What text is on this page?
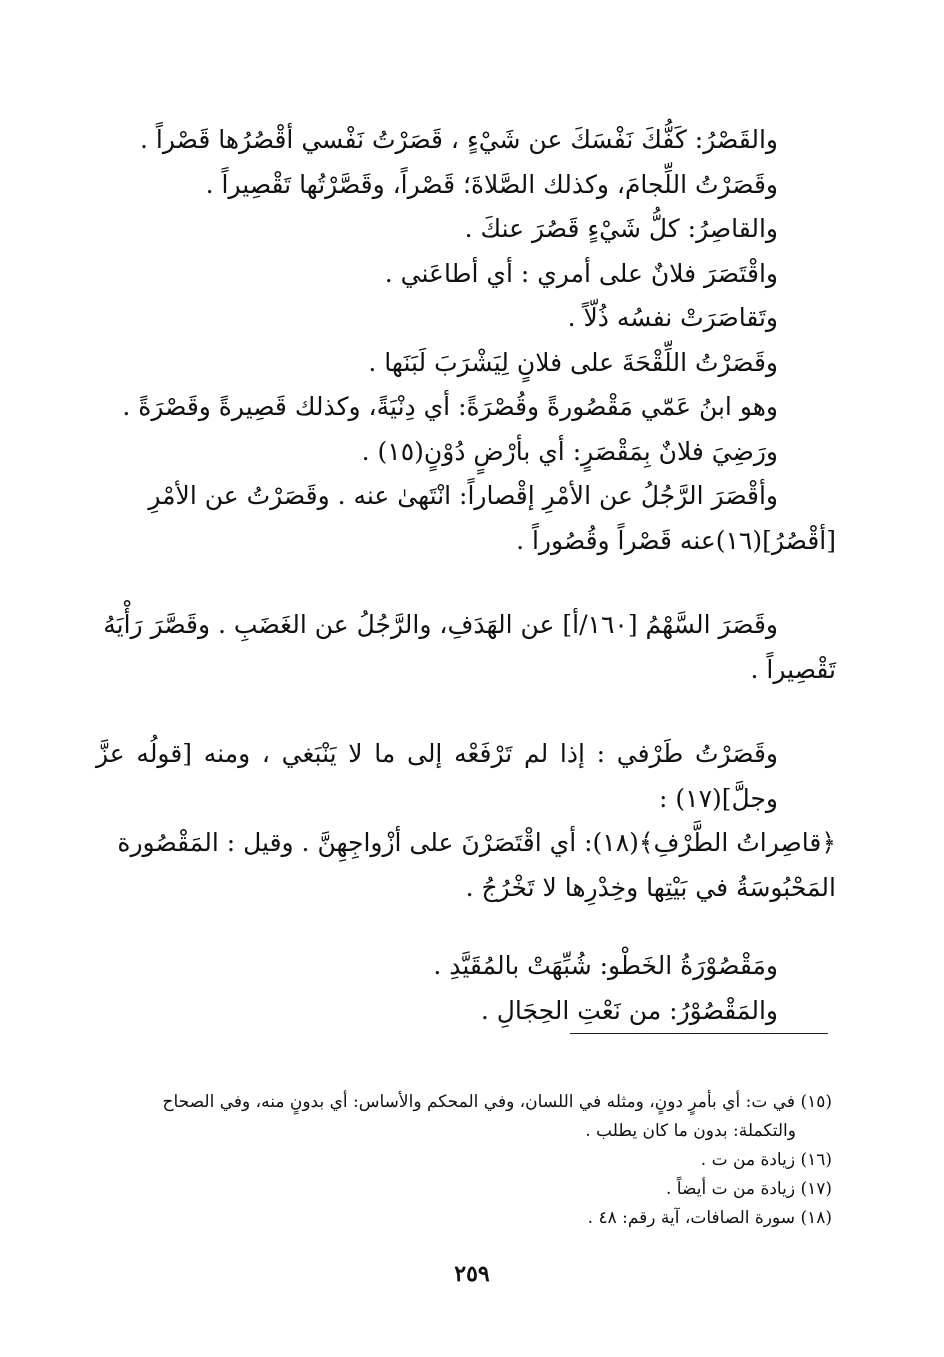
والقَصْرُ: كَفُّكَ نَفْسَكَ عن شَيْءٍ ، قَصَرْتُ نَفْسي أقْصُرُها قَصْراً .

وقَصَرْتُ اللِّجامَ، وكذلك الصَّلاةَ؛ قَصْراً، وقَصَّرْتُها تَقْصِيراً .

والقاصِرُ: كلُّ شَيْءٍ قَصُرَ عنكَ .

واقْتَصَرَ فلانٌ على أمري : أي أطاعَني .

وتَقاصَرَتْ نفسُه ذُلّاً .

وقَصَرْتُ اللِّقْحَةَ على فلانٍ لِيَشْرَبَ لَبَنَها .

وهو ابنُ عَمّي مَقْصُورةً وقُصْرَةً: أي دِنْيَةً، وكذلك قَصِيرةً وقَصْرَةً .

ورَضِيَ فلانٌ بِمَقْصَرٍ: أي بأرْضٍ دُوْنٍ(١٥) .

وأقْصَرَ الرَّجُلُ عن الأمْرِ إقْصاراً: انْتَهىٰ عنه . وقَصَرْتُ عن الأمْرِ

[أقْصُرُ](١٦)عنه قَصْراً وقُصُوراً .

وقَصَرَ السَّهْمُ [١٦٠/أ] عن الهَدَفِ، والرَّجُلُ عن الغَضَبِ . وقَصَّرَ رَأْيَهُ

تَقْصِيراً .

وقَصَرْتُ طَرْفي : إذا لم تَرْفَعْه إلى ما لا يَنْبَغي ، ومنه [قولُه عزَّ وجلَّ](١٧) :

﴿قاصِراتُ الطَّرْفِ﴾(١٨): أي اقْتَصَرْنَ على أزْواجِهِنَّ . وقيل : المَقْصُورة

المَحْبُوسَةُ في بَيْتِها وخِدْرِها لا تَخْرُجُ .

ومَقْصُوْرَةُ الخَطْو: شُبِّهَتْ بالمُقَيَّدِ .

والمَقْصُوْرُ: من نَعْتِ الحِجَالِ .

(١٥) في ت: أي بأمرٍ دونٍ، ومثله في اللسان، وفي المحكم والأساس: أي بدونٍ منه، وفي الصحاح

والتكملة: بدون ما كان يطلب .

(١٦) زيادة من ت .

(١٧) زيادة من ت أيضاً .

(١٨) سورة الصافات، آية رقم: ٤٨ .

٢٥٩
